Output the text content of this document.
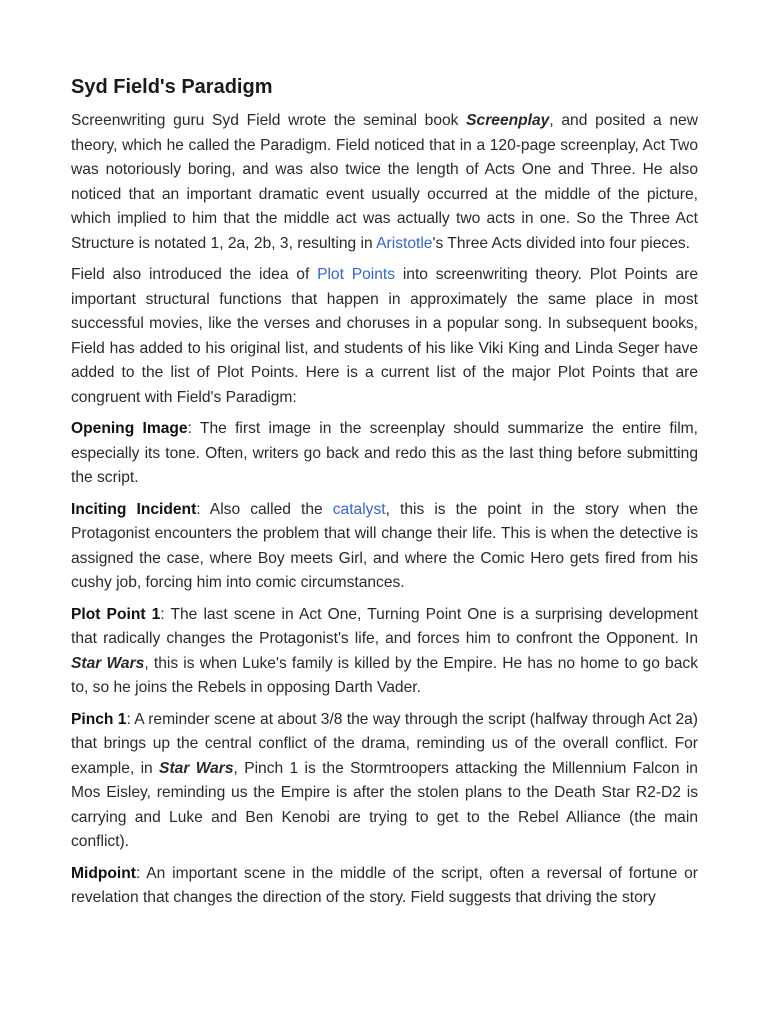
Syd Field's Paradigm

Screenwriting guru Syd Field wrote the seminal book Screenplay, and posited a new theory, which he called the Paradigm. Field noticed that in a 120-page screenplay, Act Two was notoriously boring, and was also twice the length of Acts One and Three. He also noticed that an important dramatic event usually occurred at the middle of the picture, which implied to him that the middle act was actually two acts in one. So the Three Act Structure is notated 1, 2a, 2b, 3, resulting in Aristotle's Three Acts divided into four pieces.

Field also introduced the idea of Plot Points into screenwriting theory. Plot Points are important structural functions that happen in approximately the same place in most successful movies, like the verses and choruses in a popular song. In subsequent books, Field has added to his original list, and students of his like Viki King and Linda Seger have added to the list of Plot Points. Here is a current list of the major Plot Points that are congruent with Field's Paradigm:

Opening Image: The first image in the screenplay should summarize the entire film, especially its tone. Often, writers go back and redo this as the last thing before submitting the script.

Inciting Incident: Also called the catalyst, this is the point in the story when the Protagonist encounters the problem that will change their life. This is when the detective is assigned the case, where Boy meets Girl, and where the Comic Hero gets fired from his cushy job, forcing him into comic circumstances.

Plot Point 1: The last scene in Act One, Turning Point One is a surprising development that radically changes the Protagonist's life, and forces him to confront the Opponent. In Star Wars, this is when Luke's family is killed by the Empire. He has no home to go back to, so he joins the Rebels in opposing Darth Vader.

Pinch 1: A reminder scene at about 3/8 the way through the script (halfway through Act 2a) that brings up the central conflict of the drama, reminding us of the overall conflict. For example, in Star Wars, Pinch 1 is the Stormtroopers attacking the Millennium Falcon in Mos Eisley, reminding us the Empire is after the stolen plans to the Death Star R2-D2 is carrying and Luke and Ben Kenobi are trying to get to the Rebel Alliance (the main conflict).

Midpoint: An important scene in the middle of the script, often a reversal of fortune or revelation that changes the direction of the story. Field suggests that driving the story
